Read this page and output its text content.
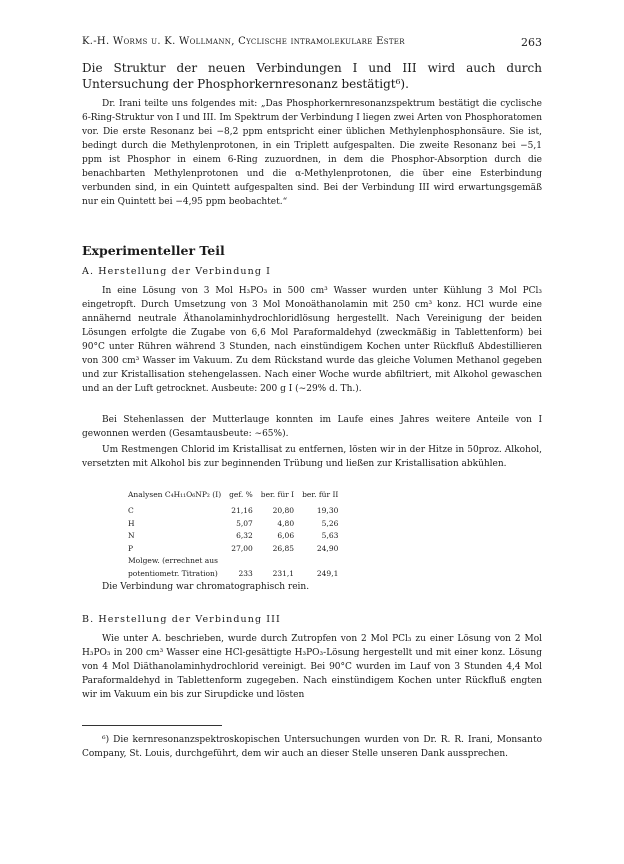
K.-H. Worms u. K. Wollmann, Cyclische intramolekulare Ester	263
Die Struktur der neuen Verbindungen I und III wird auch durch Untersuchung der Phosphorkernresonanz bestätigt⁶).
Dr. Irani teilte uns folgendes mit: „Das Phosphorkernresonanzspektrum bestätigt die cyclische 6-Ring-Struktur von I und III. Im Spektrum der Verbindung I liegen zwei Arten von Phosphoratomen vor. Die erste Resonanz bei −8,2 ppm entspricht einer üblichen Methylenphosphonsäure. Sie ist, bedingt durch die Methylenprotonen, in ein Triplett aufgespalten. Die zweite Resonanz bei −5,1 ppm ist Phosphor in einem 6-Ring zuzuordnen, in dem die Phosphor-Absorption durch die benachbarten Methylenprotonen und die α-Methylenprotonen, die über eine Esterbindung verbunden sind, in ein Quintett aufgespalten sind. Bei der Verbindung III wird erwartungsgemäß nur ein Quintett bei −4,95 ppm beobachtet.“
Experimenteller Teil
A. Herstellung der Verbindung I
In eine Lösung von 3 Mol H₃PO₃ in 500 cm³ Wasser wurden unter Kühlung 3 Mol PCl₃ eingetropft. Durch Umsetzung von 3 Mol Monoäthanolamin mit 250 cm³ konz. HCl wurde eine annähernd neutrale Äthanolaminhydrochloridlösung hergestellt. Nach Vereinigung der beiden Lösungen erfolgte die Zugabe von 6,6 Mol Paraformaldehyd (zweckmäßig in Tablettenform) bei 90°C unter Rühren während 3 Stunden, nach einstündigem Kochen unter Rückfluß Abdestillieren von 300 cm³ Wasser im Vakuum. Zu dem Rückstand wurde das gleiche Volumen Methanol gegeben und zur Kristallisation stehengelassen. Nach einer Woche wurde abfiltriert, mit Alkohol gewaschen und an der Luft getrocknet. Ausbeute: 200 g I (∼29% d. Th.).
Bei Stehenlassen der Mutterlauge konnten im Laufe eines Jahres weitere Anteile von I gewonnen werden (Gesamtausbeute: ∼65%).
Um Restmengen Chlorid im Kristallisat zu entfernen, lösten wir in der Hitze in 50proz. Alkohol, versetzten mit Alkohol bis zur beginnenden Trübung und ließen zur Kristallisation abkühlen.
Analysen C₄H₁₁O₆NP₂ (I)	gef. %	ber. für I	ber. für II
C	21,16	20,80	19,30
H	5,07	4,80	5,26
N	6,32	6,06	5,63
P	27,00	26,85	24,90
Molgew. (errechnet aus			
potentiometr. Titration)	233	231,1	249,1
Die Verbindung war chromatographisch rein.
B. Herstellung der Verbindung III
Wie unter A. beschrieben, wurde durch Zutropfen von 2 Mol PCl₃ zu einer Lösung von 2 Mol H₃PO₃ in 200 cm³ Wasser eine HCl-gesättigte H₃PO₃-Lösung hergestellt und mit einer konz. Lösung von 4 Mol Diäthanolaminhydrochlorid vereinigt. Bei 90°C wurden im Lauf von 3 Stunden 4,4 Mol Paraformaldehyd in Tablettenform zugegeben. Nach einstündigem Kochen unter Rückfluß engten wir im Vakuum ein bis zur Sirupdicke und lösten
⁶) Die kernresonanzspektroskopischen Untersuchungen wurden von Dr. R. R. Irani, Monsanto Company, St. Louis, durchgeführt, dem wir auch an dieser Stelle unseren Dank aussprechen.
